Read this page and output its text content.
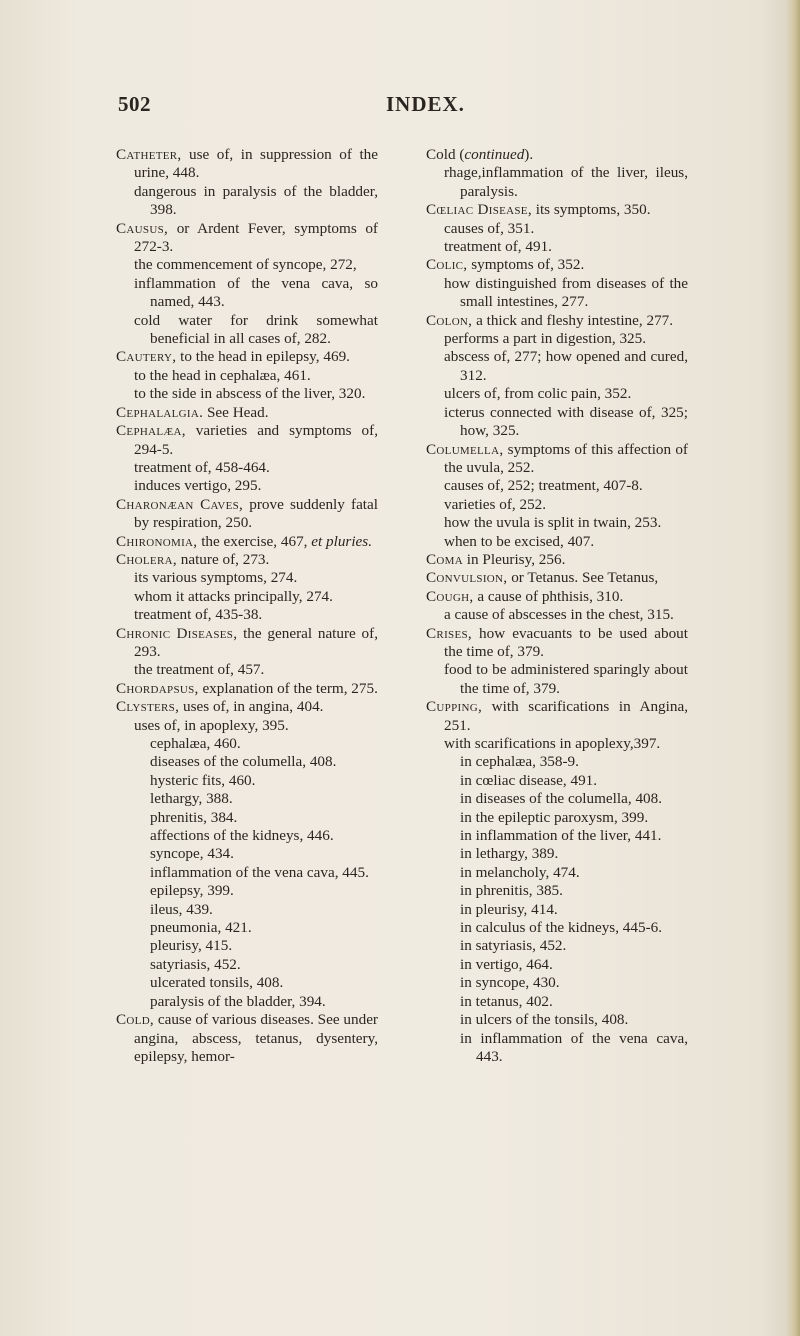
502	INDEX.

Catheter, use of, in suppression of the urine, 448.

dangerous in paralysis of the bladder, 398.

Causus, or Ardent Fever, symptoms of 272-3.

the commencement of syncope, 272,

inflammation of the vena cava, so named, 443.

cold water for drink somewhat beneficial in all cases of, 282.

Cautery, to the head in epilepsy, 469.

to the head in cephalæa, 461.

to the side in abscess of the liver, 320.

Cephalalgia. See Head.

Cephalæa, varieties and symptoms of, 294-5.

treatment of, 458-464.

induces vertigo, 295.

Charonæan Caves, prove suddenly fatal by respiration, 250.

Chironomia, the exercise, 467, et pluries.

Cholera, nature of, 273.

its various symptoms, 274.

whom it attacks principally, 274.

treatment of, 435-38.

Chronic Diseases, the general nature of, 293.

the treatment of, 457.

Chordapsus, explanation of the term, 275.

Clysters, uses of, in angina, 404.

uses of, in apoplexy, 395.

cephalæa, 460.

diseases of the columella, 408.

hysteric fits, 460.

lethargy, 388.

phrenitis, 384.

affections of the kidneys, 446.

syncope, 434.

inflammation of the vena cava, 445.

epilepsy, 399.

ileus, 439.

pneumonia, 421.

pleurisy, 415.

satyriasis, 452.

ulcerated tonsils, 408.

paralysis of the bladder, 394.

Cold, cause of various diseases. See under angina, abscess, tetanus, dysentery, epilepsy, hemor-

Cold (continued).

rhage,inflammation of the liver, ileus, paralysis.

Cœliac Disease, its symptoms, 350.

causes of, 351.

treatment of, 491.

Colic, symptoms of, 352.

how distinguished from diseases of the small intestines, 277.

Colon, a thick and fleshy intestine, 277.

performs a part in digestion, 325.

abscess of, 277; how opened and cured, 312.

ulcers of, from colic pain, 352.

icterus connected with disease of, 325; how, 325.

Columella, symptoms of this affection of the uvula, 252.

causes of, 252; treatment, 407-8.

varieties of, 252.

how the uvula is split in twain, 253.

when to be excised, 407.

Coma in Pleurisy, 256.

Convulsion, or Tetanus. See Tetanus,

Cough, a cause of phthisis, 310.

a cause of abscesses in the chest, 315.

Crises, how evacuants to be used about the time of, 379.

food to be administered sparingly about the time of, 379.

Cupping, with scarifications in Angina, 251.

with scarifications in apoplexy,397.

in cephalæa, 358-9.

in cœliac disease, 491.

in diseases of the columella, 408.

in the epileptic paroxysm, 399.

in inflammation of the liver, 441.

in lethargy, 389.

in melancholy, 474.

in phrenitis, 385.

in pleurisy, 414.

in calculus of the kidneys, 445-6.

in satyriasis, 452.

in vertigo, 464.

in syncope, 430.

in tetanus, 402.

in ulcers of the tonsils, 408.

in inflammation of the vena cava, 443.
